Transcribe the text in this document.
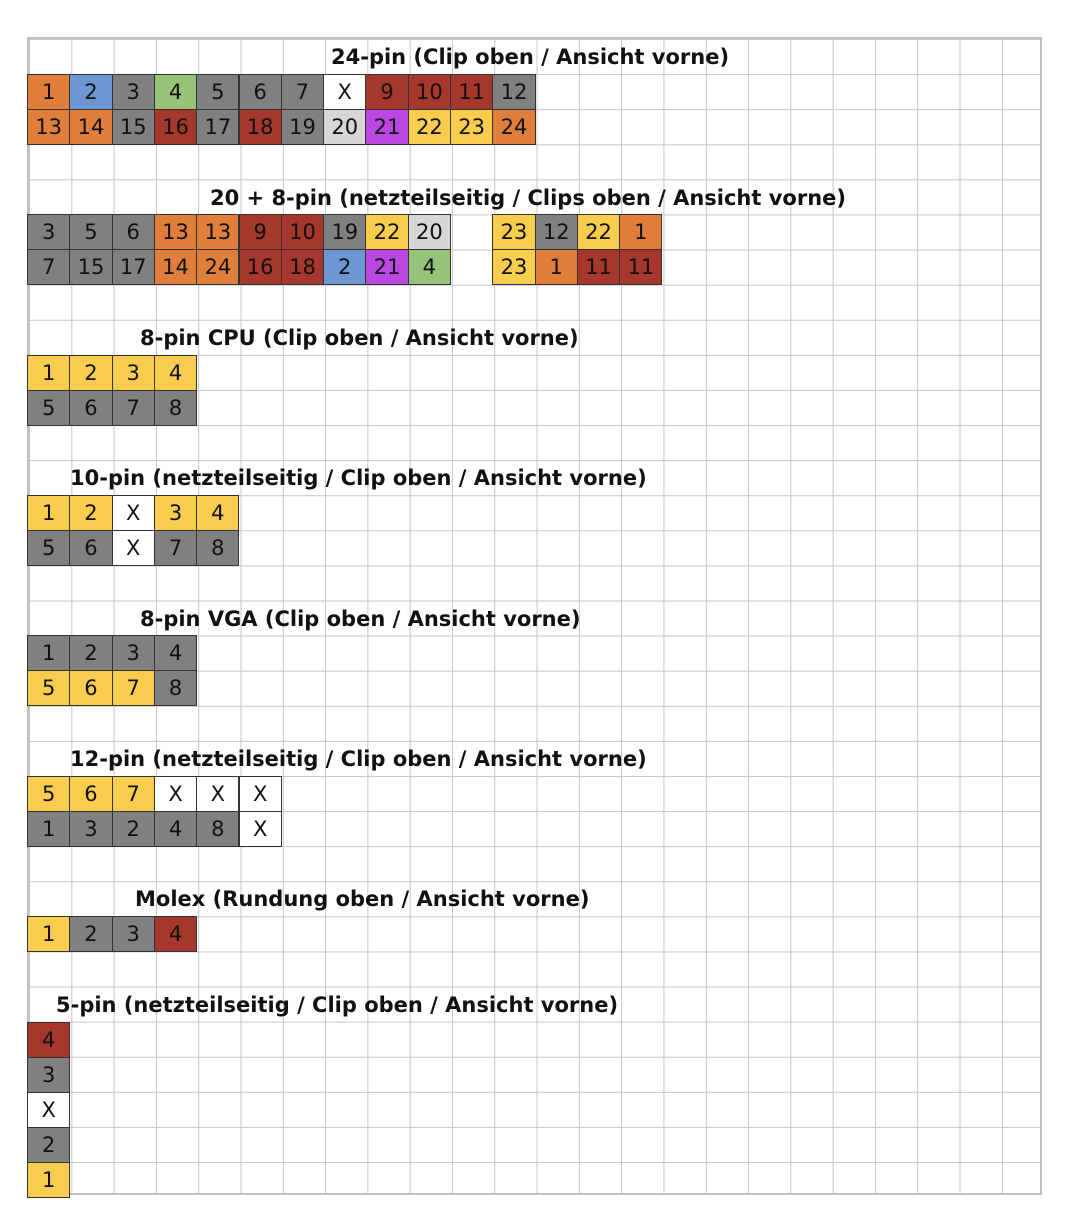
24-pin (Clip oben / Ansicht vorne)
1	2	3	4	5	6	7	X	9	10 11 12
13 14 15 16 17 18 19 20 21 22 23 24
20 + 8-pin (netzteilseitig / Clips oben / Ansicht vorne)
3	5	6	13 13	9	10 19 22 20	23 12 22	1
7	15 17 14 24 16 18	2	21	4	23	1	11 11
8-pin CPU (Clip oben / Ansicht vorne)
1	2	3	4
5	6	7	8
10-pin (netzteilseitig / Clip oben / Ansicht vorne)
1	2	X	3	4
5	6	X	7	8
8-pin VGA (Clip oben / Ansicht vorne)
1	2	3	4
5	6	7	8
12-pin (netzteilseitig / Clip oben / Ansicht vorne)
5	6	7	X	X	X
1	3	2	4	8	X
Molex (Rundung oben / Ansicht vorne)
1	2	3	4
5-pin (netzteilseitig / Clip oben / Ansicht vorne)
4
3
X
2
1
